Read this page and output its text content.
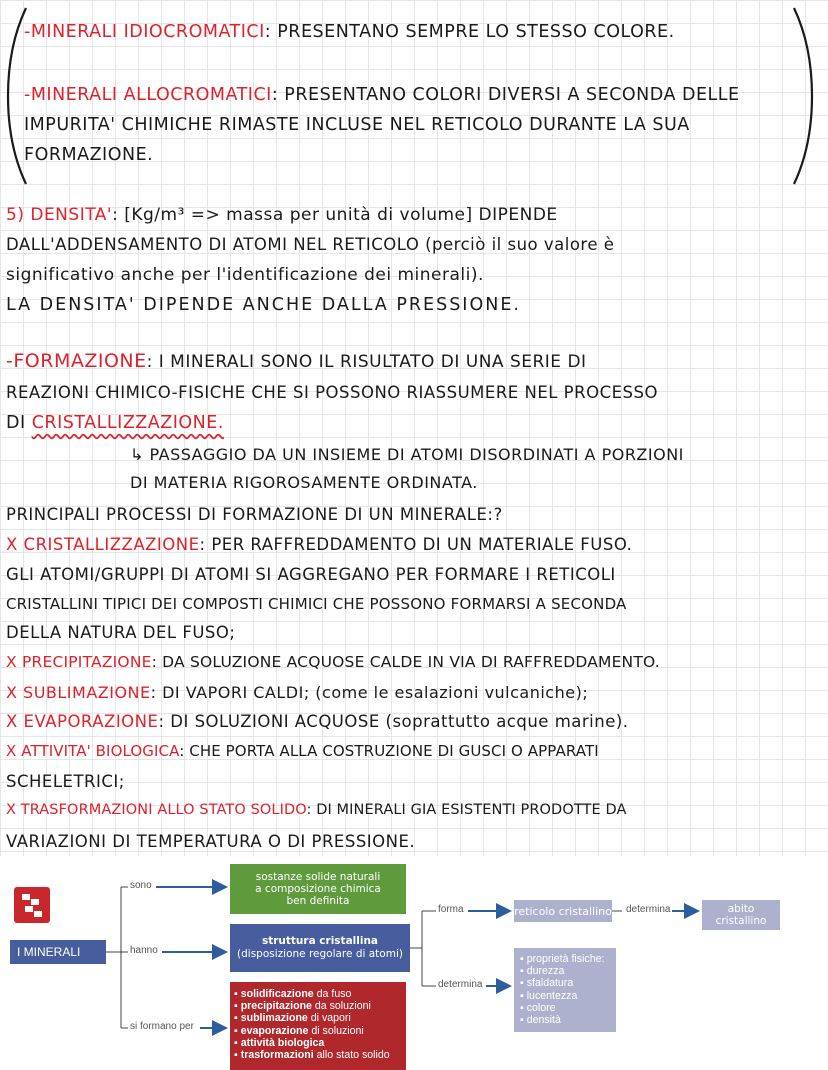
-MINERALI IDIOCROMATICI: PRESENTANO SEMPRE LO STESSO COLORE.
-MINERALI ALLOCROMATICI: PRESENTANO COLORI DIVERSI A SECONDA DELLE
IMPURITA' CHIMICHE RIMASTE INCLUSE NEL RETICOLO DURANTE LA SUA
FORMAZIONE.
5) DENSITA': [Kg/m³ => massa per unità di volume] DIPENDE
DALL'ADDENSAMENTO DI ATOMI NEL RETICOLO (perciò il suo valore è
significativo anche per l'identificazione dei minerali).
LA DENSITA' DIPENDE ANCHE DALLA PRESSIONE.
-FORMAZIONE: I MINERALI SONO IL RISULTATO DI UNA SERIE DI
REAZIONI CHIMICO-FISICHE CHE SI POSSONO RIASSUMERE NEL PROCESSO
DI CRISTALLIZZAZIONE.
↳ PASSAGGIO DA UN INSIEME DI ATOMI DISORDINATI A PORZIONI
DI MATERIA RIGOROSAMENTE ORDINATA.
PRINCIPALI PROCESSI DI FORMAZIONE DI UN MINERALE:?
X CRISTALLIZZAZIONE: PER RAFFREDDAMENTO DI UN MATERIALE FUSO.
GLI ATOMI/GRUPPI DI ATOMI SI AGGREGANO PER FORMARE I RETICOLI
CRISTALLINI TIPICI DEI COMPOSTI CHIMICI CHE POSSONO FORMARSI A SECONDA
DELLA NATURA DEL FUSO;
X PRECIPITAZIONE: DA SOLUZIONE ACQUOSE CALDE IN VIA DI RAFFREDDAMENTO.
X SUBLIMAZIONE: DI VAPORI CALDI; (come le esalazioni vulcaniche);
X EVAPORAZIONE: DI SOLUZIONI ACQUOSE (soprattutto acque marine).
X ATTIVITA' BIOLOGICA: CHE PORTA ALLA COSTRUZIONE DI GUSCI O APPARATI
SCHELETRICI;
X TRASFORMAZIONI ALLO STATO SOLIDO: DI MINERALI GIA ESISTENTI PRODOTTE DA
VARIAZIONI DI TEMPERATURA O DI PRESSIONE.
I MINERALI
sono
hanno
si formano per
forma
determina
determina
sostanze solide naturali
a composizione chimica
ben definita
struttura cristallina
(disposizione regolare di atomi)
▪ solidificazione da fuso
▪ precipitazione da soluzioni
▪ sublimazione di vapori
▪ evaporazione di soluzioni
▪ attività biologica
▪ trasformazioni allo stato solido
reticolo cristallino	abito
cristallino
▪ proprietà fisiche:
▪ durezza
▪ sfaldatura
▪ lucentezza
▪ colore
▪ densità
